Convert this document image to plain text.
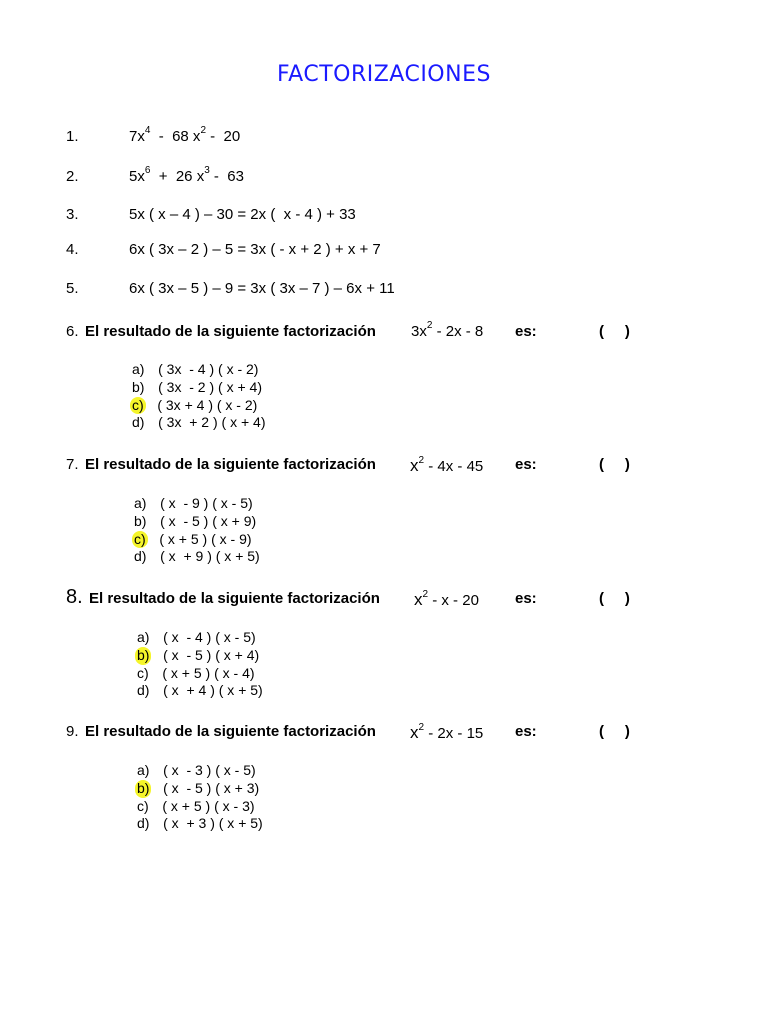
FACTORIZACIONES
1.	$7x^4 - 68$ $x^2 - 20$
2.	$5x^6 + 26$ $x^3 - 63$
3.	5x ( x – 4 ) – 30 = 2x (  x - 4 ) + 33
4.	6x ( 3x – 2 ) – 5 = 3x ( - x + 2 ) + x + 7
5.	6x ( 3x – 5 ) – 9 = 3x ( 3x – 7 ) – 6x + 11
6. El resultado de la siguiente factorización $3x^2 - 2x - 8$ es:	(     )
a) ( 3x  - 4 ) ( x - 2)
b) ( 3x  - 2 ) ( x + 4)
c) ( 3x + 4 ) ( x - 2)
d) ( 3x  + 2 ) ( x + 4)
7. El resultado de la siguiente factorización $x^2 - 4x - 45$ es:	(     )
a) ( x  - 9 ) ( x - 5)
b) ( x  - 5 ) ( x + 9)
c) ( x + 5 ) ( x - 9)
d) ( x  + 9 ) ( x + 5)
8. El resultado de la siguiente factorización $x^2$ - x - 20 es:	(     )
a) ( x  - 4 ) ( x - 5)
b) ( x  - 5 ) ( x + 4)
c) ( x + 5 ) ( x - 4)
d) ( x  + 4 ) ( x + 5)
9. El resultado de la siguiente factorización $x^2 - 2x - 15$ es:	(     )
a) ( x  - 3 ) ( x - 5)
b) ( x  - 5 ) ( x + 3)
c) ( x + 5 ) ( x - 3)
d) ( x  + 3 ) ( x + 5)
